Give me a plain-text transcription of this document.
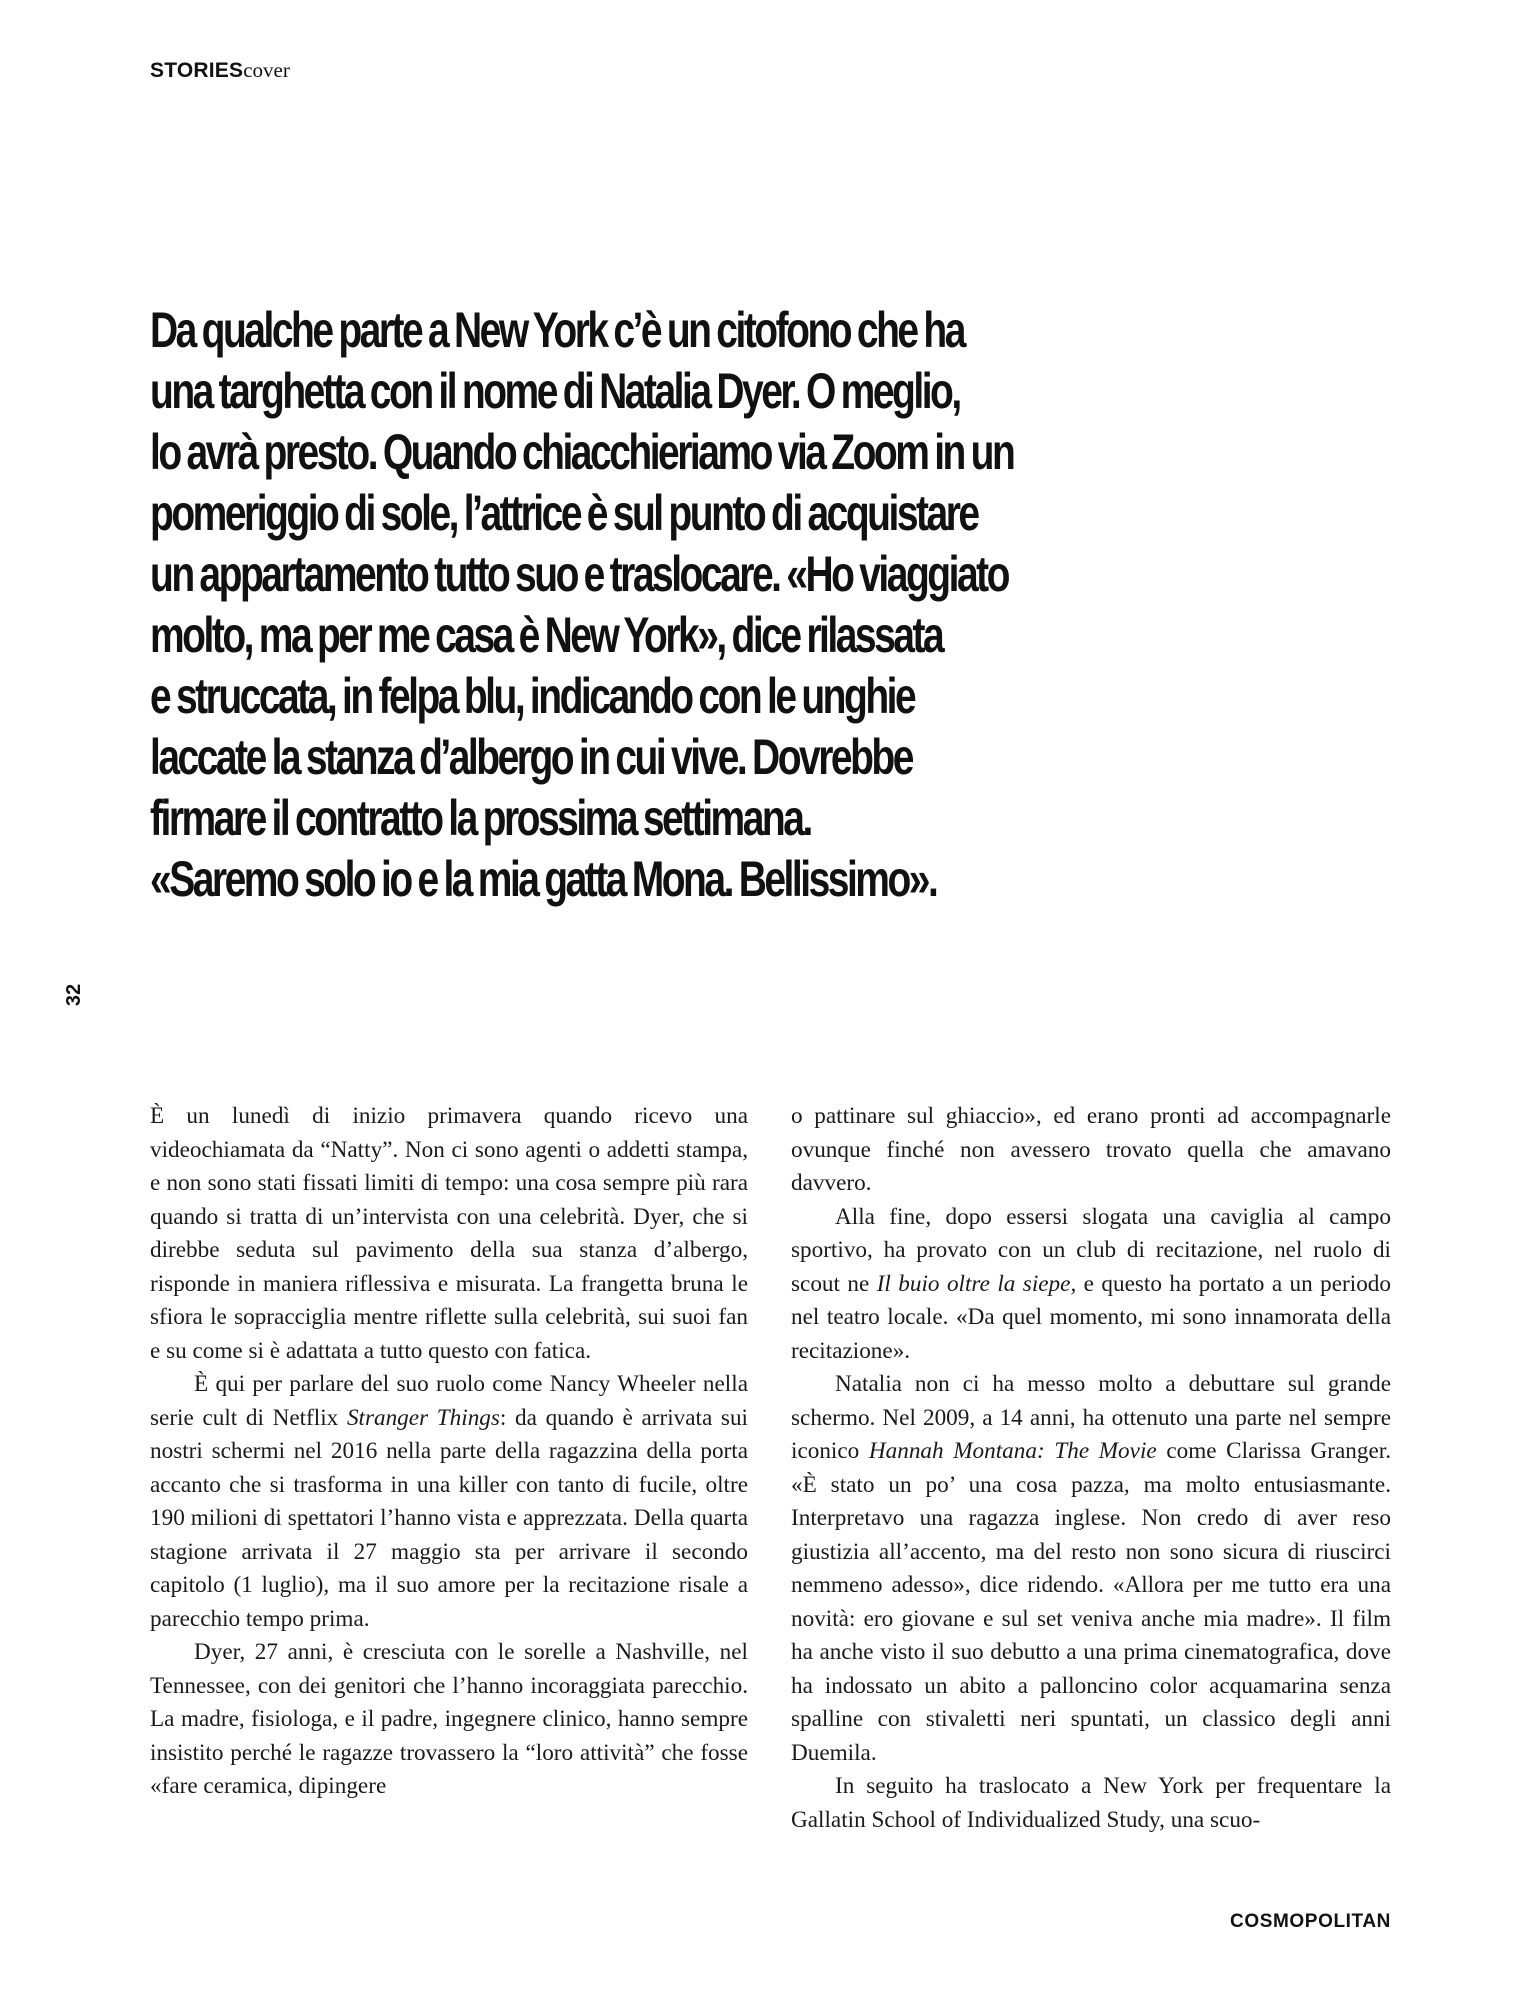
STORIEScover
Da qualche parte a New York c’è un citofono che ha
una targhetta con il nome di Natalia Dyer. O meglio,
lo avrà presto. Quando chiacchieriamo via Zoom in un
pomeriggio di sole, l’attrice è sul punto di acquistare
un appartamento tutto suo e traslocare. «Ho viaggiato
molto, ma per me casa è New York», dice rilassata
e struccata, in felpa blu, indicando con le unghie
laccate la stanza d’albergo in cui vive. Dovrebbe
firmare il contratto la prossima settimana.
«Saremo solo io e la mia gatta Mona. Bellissimo».
32

È un lunedì di inizio primavera quando ricevo una videochiamata da “Natty”. Non ci sono agenti o addetti stampa, e non sono stati fissati limiti di tempo: una cosa sempre più rara quando si tratta di un’intervista con una celebrità. Dyer, che si direbbe seduta sul pavimento della sua stanza d’albergo, risponde in maniera riflessiva e misurata. La frangetta bruna le sfiora le sopracciglia mentre riflette sulla celebrità, sui suoi fan e su come si è adattata a tutto questo con fatica.

È qui per parlare del suo ruolo come Nancy Wheeler nella serie cult di Netflix Stranger Things: da quando è arrivata sui nostri schermi nel 2016 nella parte della ragazzina della porta accanto che si trasforma in una killer con tanto di fucile, oltre 190 milioni di spettatori l’hanno vista e apprezzata. Della quarta stagione arrivata il 27 maggio sta per arrivare il secondo capitolo (1 luglio), ma il suo amore per la recitazione risale a parecchio tempo prima.

Dyer, 27 anni, è cresciuta con le sorelle a Nashville, nel Tennessee, con dei genitori che l’hanno incoraggiata parecchio. La madre, fisiologa, e il padre, ingegnere clinico, hanno sempre insistito perché le ragazze trovassero la “loro attività” che fosse «fare ceramica, dipingere

o pattinare sul ghiaccio», ed erano pronti ad accompagnarle ovunque finché non avessero trovato quella che amavano davvero.

Alla fine, dopo essersi slogata una caviglia al campo sportivo, ha provato con un club di recitazione, nel ruolo di scout ne Il buio oltre la siepe, e questo ha portato a un periodo nel teatro locale. «Da quel momento, mi sono innamorata della recitazione».

Natalia non ci ha messo molto a debuttare sul grande schermo. Nel 2009, a 14 anni, ha ottenuto una parte nel sempre iconico Hannah Montana: The Movie come Clarissa Granger. «È stato un po’ una cosa pazza, ma molto entusiasmante. Interpretavo una ragazza inglese. Non credo di aver reso giustizia all’accento, ma del resto non sono sicura di riuscirci nemmeno adesso», dice ridendo. «Allora per me tutto era una novità: ero giovane e sul set veniva anche mia madre». Il film ha anche visto il suo debutto a una prima cinematografica, dove ha indossato un abito a palloncino color acquamarina senza spalline con stivaletti neri spuntati, un classico degli anni Duemila.

In seguito ha traslocato a New York per frequentare la Gallatin School of Individualized Study, una scuo-

COSMOPOLITAN
